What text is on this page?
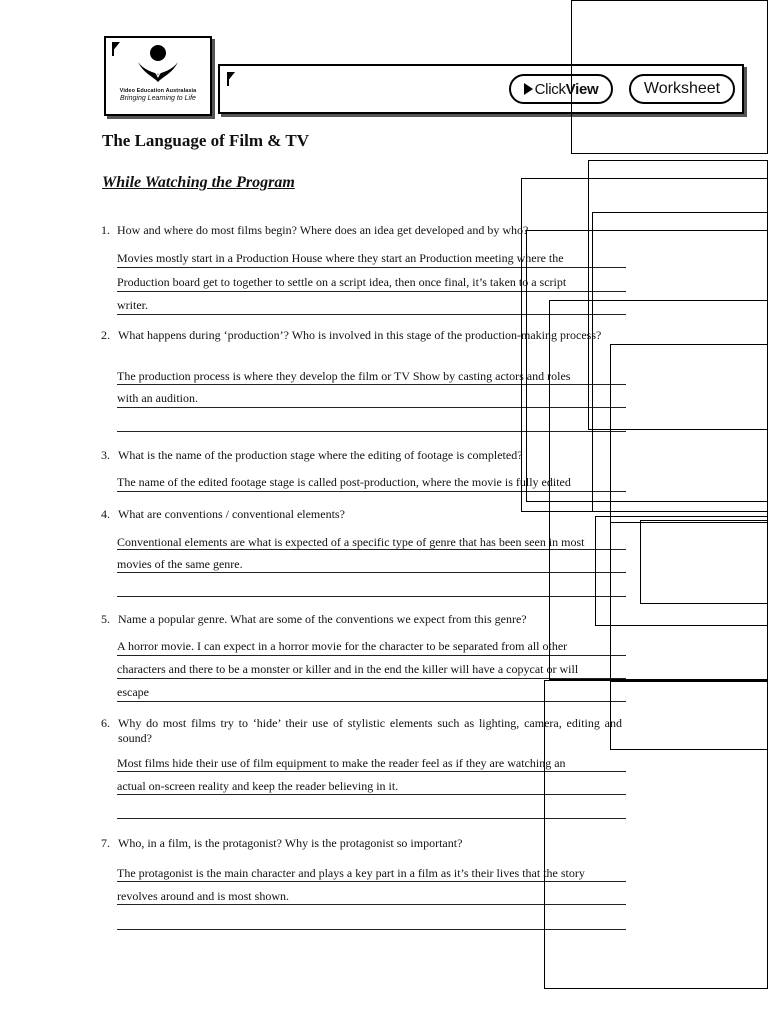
Video Education Australasia
Bringing Learning to Life
Click View	Worksheet
The Language of Film & TV
While Watching the Program
1. How and where do most films begin? Where does an idea get developed and by who?
Movies mostly start in a Production House where they start an Production meeting where the
Production board get to together to settle on a script idea, then once final, it’s taken to a script
writer.
2. What happens during ‘production’? Who is involved in this stage of the production-making process?
The production process is where they develop the film or TV Show by casting actors and roles
with an audition.
3. What is the name of the production stage where the editing of footage is completed?
The name of the edited footage stage is called post-production, where the movie is fully edited
4. What are conventions / conventional elements?
Conventional elements are what is expected of a specific type of genre that has been seen in most
movies of the same genre.
5. Name a popular genre. What are some of the conventions we expect from this genre?
A horror movie. I can expect in a horror movie for the character to be separated from all other
characters and there to be a monster or killer and in the end the killer will have a copycat or will
escape
6. Why do most films try to ‘hide’ their use of stylistic elements such as lighting, camera, editing and sound?
Most films hide their use of film equipment to make the reader feel as if they are watching an
actual on-screen reality and keep the reader believing in it.
7. Who, in a film, is the protagonist? Why is the protagonist so important?
The protagonist is the main character and plays a key part in a film as it’s their lives that the story
revolves around and is most shown.
